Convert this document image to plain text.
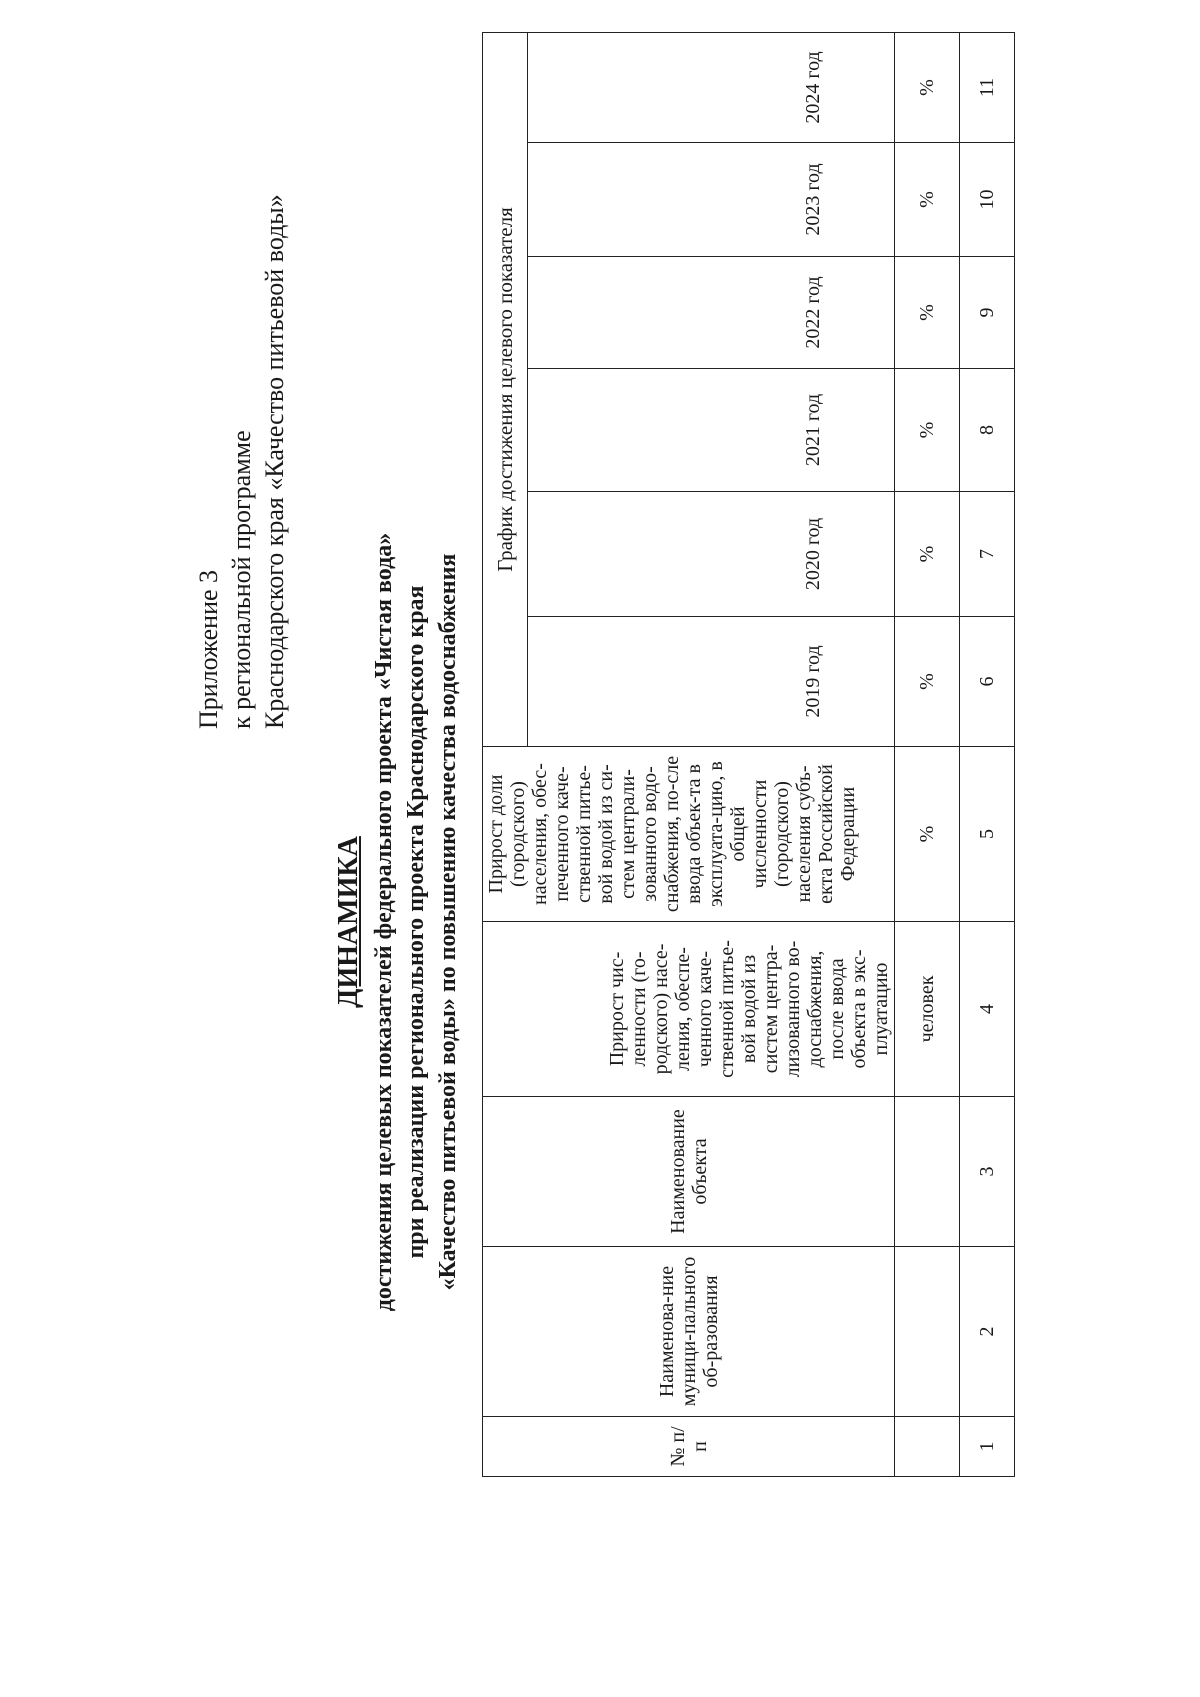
Приложение 3 к региональной программе Краснодарского края «Качество питьевой воды»
ДИНАМИКА достижения целевых показателей федерального проекта «Чистая вода» при реализации регионального проекта Краснодарского края «Качество питьевой воды» по повышению качества водоснабжения
№ п/п	Наименова-ние муници-пального об-разования	Наименование объекта	Прирост чис-ленности (го-родского) насе-ления, обеспе-ченного каче-ственной питье-вой водой из систем центра-лизованного во-доснабжения, после ввода объекта в экс-плуатацию	Прирост доли (городского) населения, обес-печенного каче-ственной питье-вой водой из си-стем централи-зованного водо-снабжения, по-сле ввода объек-та в эксплуата-цию, в общей численности (городского) населения субъ-екта Российской Федерации	График достижения целевого показателя					
					2019 год	2020 год	2021 год	2022 год	2023 год	2024 год
			человек	%	%	%	%	%	%	%
1	2	3	4	5	6	7	8	9	10	11
